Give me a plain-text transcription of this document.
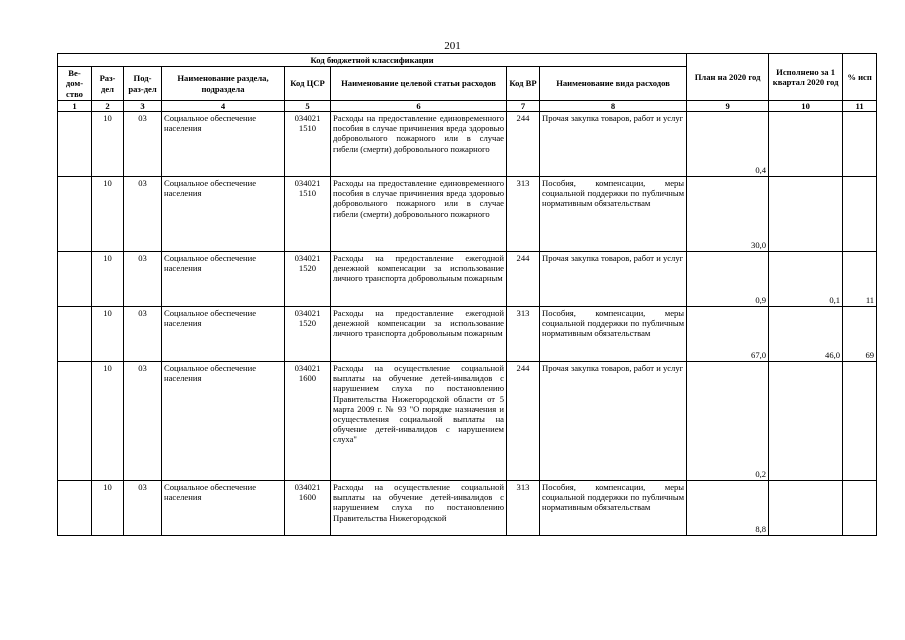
201
Код бюджетной классификации								План на 2020 год	Исполнено за 1 квартал 2020 год	% исп
Ве-дом-ство	Раз-дел	Под-раз-дел	Наименование раздела, подраздела	Код ЦСР	Наименование целевой статьи расходов	Код ВР	Наименование вида расходов			
1	2	3	4	5	6	7	8	9	10	11
	10	03	Социальное обеспечение населения	034021 1510	Расходы на предоставление единовременного пособия в случае причинения вреда здоровью добровольного пожарного или в случае гибели (смерти) добровольного пожарного	244	Прочая закупка товаров, работ и услуг	0,4		
	10	03	Социальное обеспечение населения	034021 1510	Расходы на предоставление единовременного пособия в случае причинения вреда здоровью добровольного пожарного или в случае гибели (смерти) добровольного пожарного	313	Пособия, компенсации, меры социальной поддержки по публичным нормативным обязательствам	30,0		
	10	03	Социальное обеспечение населения	034021 1520	Расходы на предоставление ежегодной денежной компенсации за использование личного транспорта добровольным пожарным	244	Прочая закупка товаров, работ и услуг	0,9	0,1	11
	10	03	Социальное обеспечение населения	034021 1520	Расходы на предоставление ежегодной денежной компенсации за использование личного транспорта добровольным пожарным	313	Пособия, компенсации, меры социальной поддержки по публичным нормативным обязательствам	67,0	46,0	69
	10	03	Социальное обеспечение населения	034021 1600	Расходы на осуществление социальной выплаты на обучение детей-инвалидов с нарушением слуха по постановлению Правительства Нижегородской области от 5 марта 2009 г. № 93 "О порядке назначения и осуществления социальной выплаты на обучение детей-инвалидов с нарушением слуха"	244	Прочая закупка товаров, работ и услуг	0,2		
	10	03	Социальное обеспечение населения	034021 1600	Расходы на осуществление социальной выплаты на обучение детей-инвалидов с нарушением слуха по постановлению Правительства Нижегородской	313	Пособия, компенсации, меры социальной поддержки по публичным нормативным обязательствам	8,8		
